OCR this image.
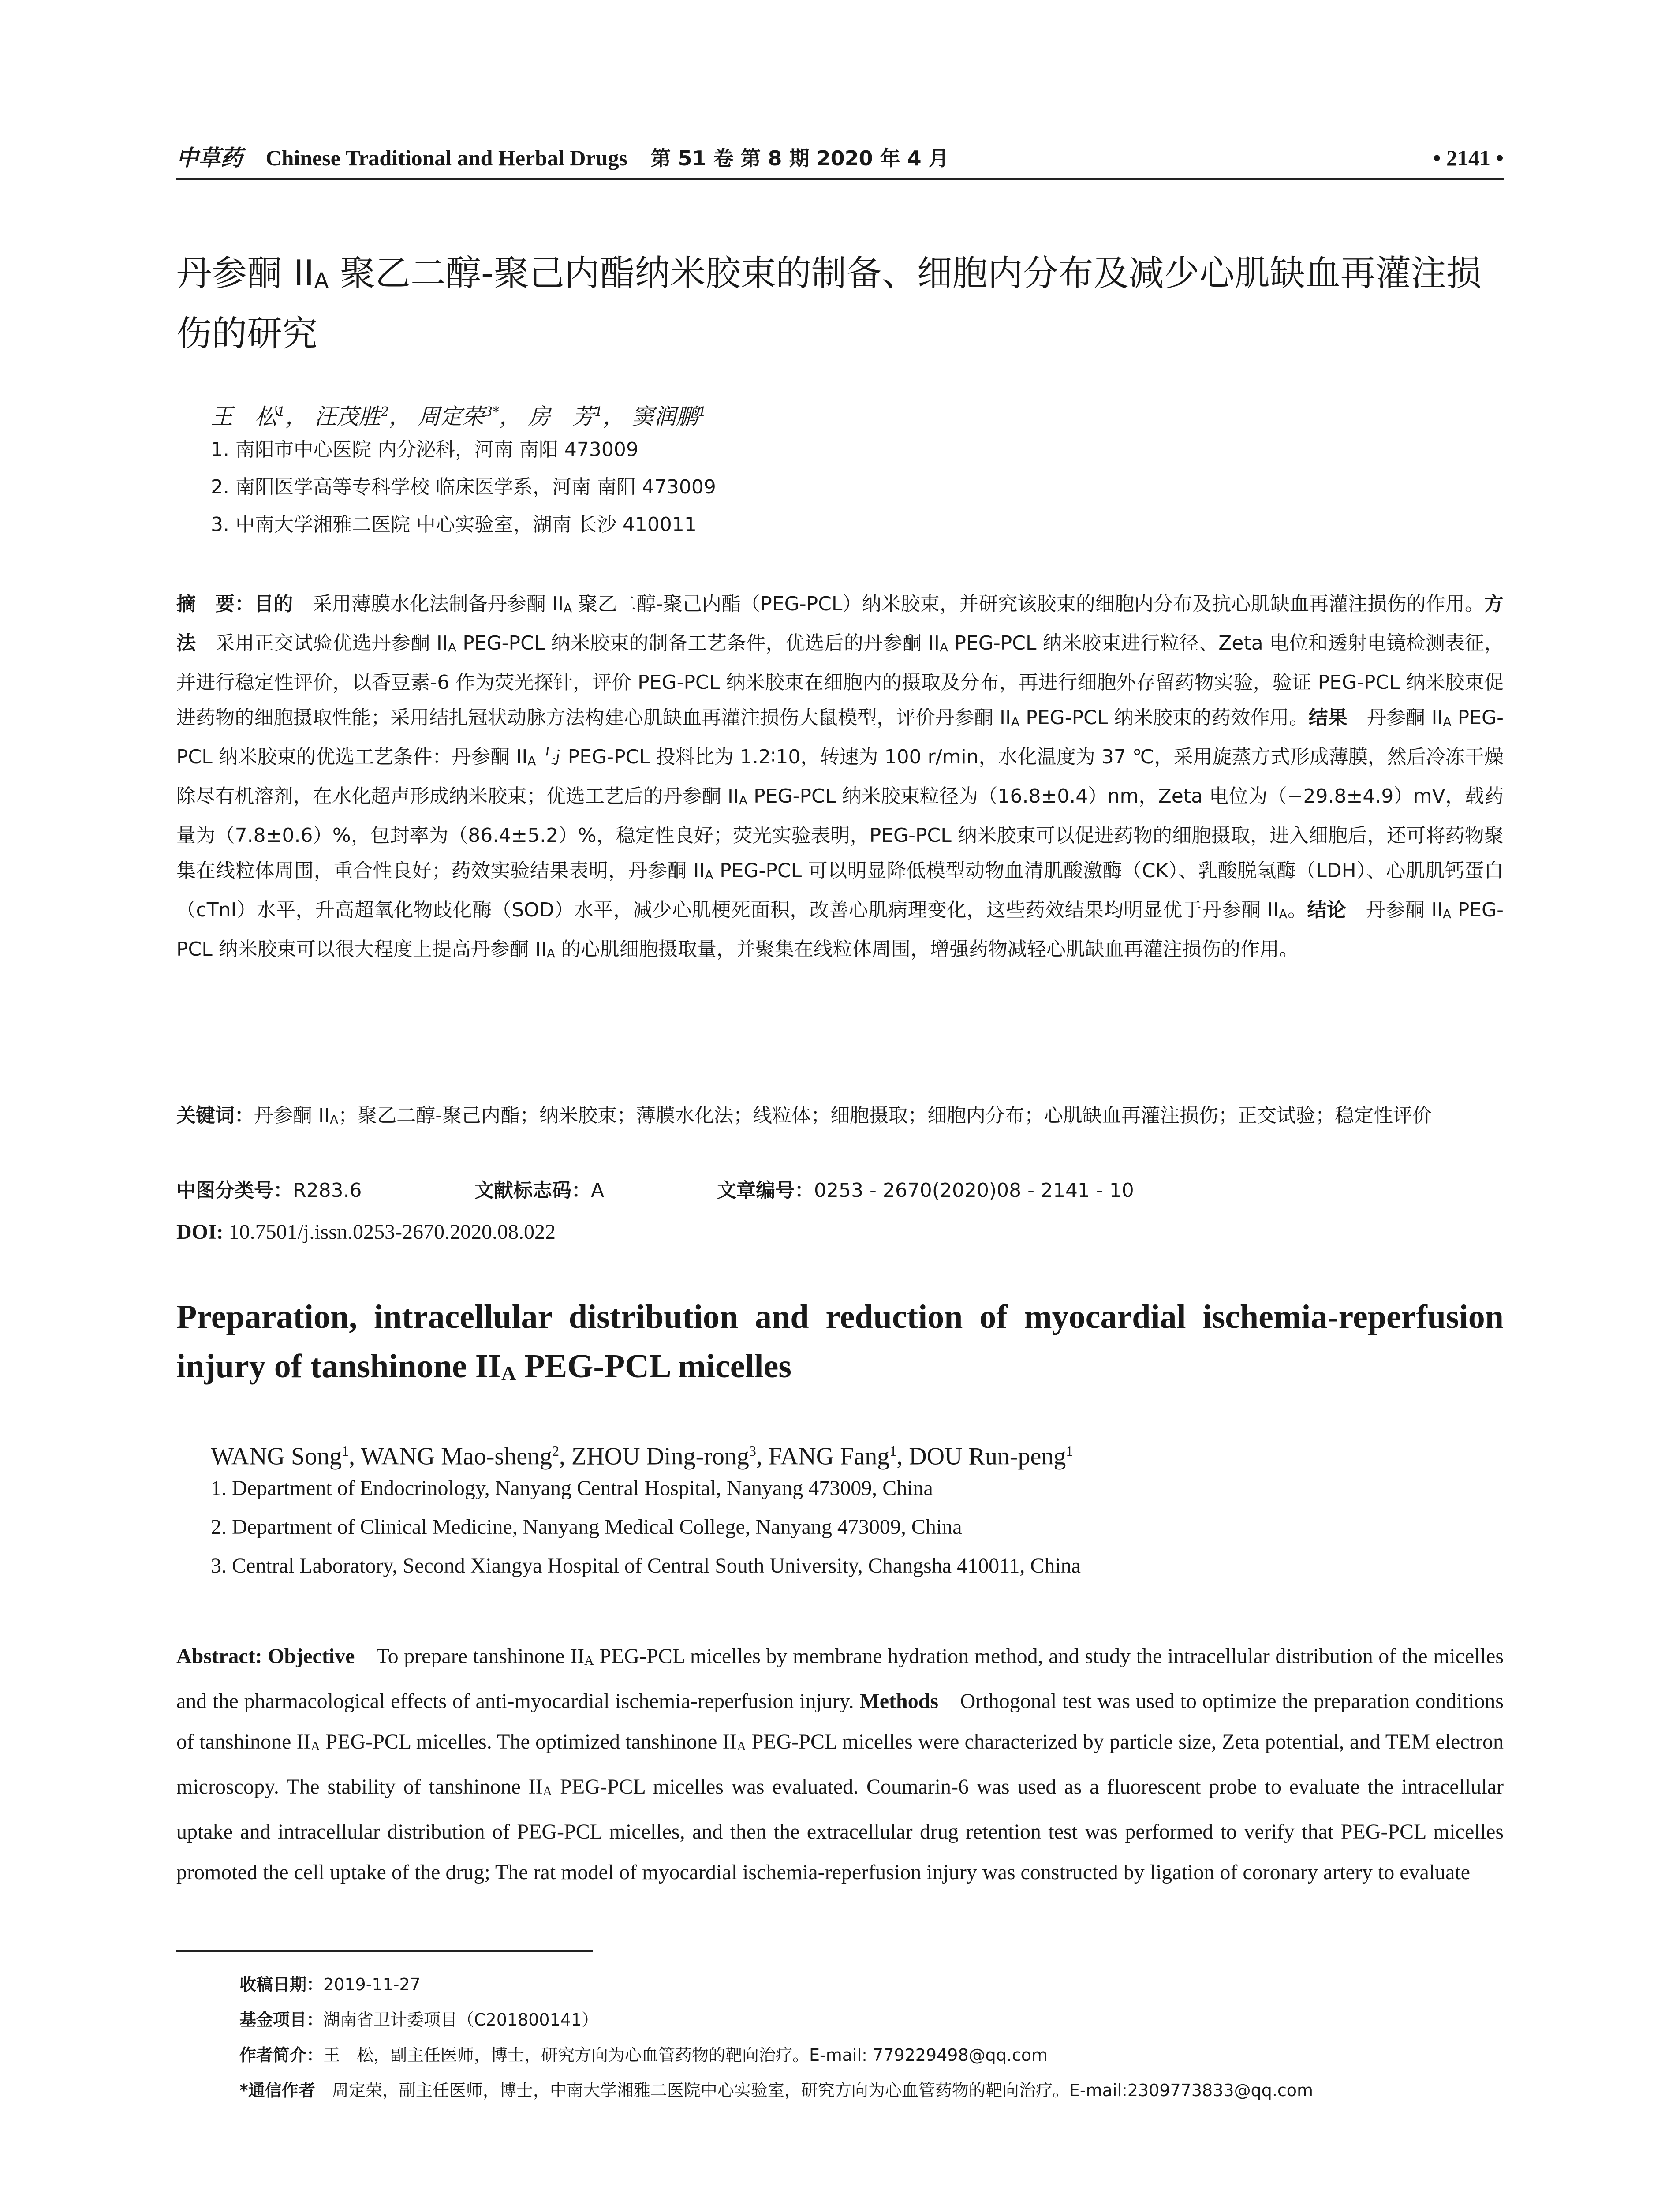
中草药 Chinese Traditional and Herbal Drugs 第 51 卷 第 8 期 2020 年 4 月	• 2141 •
丹参酮 $II_A$ 聚乙二醇-聚己内酯纳米胶束的制备、细胞内分布及减少心肌缺血再灌注损伤的研究
王　松$^1$， 汪茂胜$^2$， 周定荣$^{3*}$， 房　芳$^1$， 窦润鹏$^1$
1. 南阳市中心医院 内分泌科，河南 南阳 473009
2. 南阳医学高等专科学校 临床医学系，河南 南阳 473009
3. 中南大学湘雅二医院 中心实验室，湖南 长沙 410011
摘　要：目的　采用薄膜水化法制备丹参酮 $II_A$ 聚乙二醇-聚己内酯（PEG-PCL）纳米胶束，并研究该胶束的细胞内分布及抗心肌缺血再灌注损伤的作用。方法　采用正交试验优选丹参酮 $II_A$ PEG-PCL 纳米胶束的制备工艺条件，优选后的丹参酮 $II_A$ PEG-PCL 纳米胶束进行粒径、Zeta 电位和透射电镜检测表征，并进行稳定性评价，以香豆素-6 作为荧光探针，评价 PEG-PCL 纳米胶束在细胞内的摄取及分布，再进行细胞外存留药物实验，验证 PEG-PCL 纳米胶束促进药物的细胞摄取性能；采用结扎冠状动脉方法构建心肌缺血再灌注损伤大鼠模型，评价丹参酮 $II_A$ PEG-PCL 纳米胶束的药效作用。结果　丹参酮 $II_A$ PEG-PCL 纳米胶束的优选工艺条件：丹参酮 $II_A$ 与 PEG-PCL 投料比为 1.2∶10，转速为 100 r/min，水化温度为 37 ℃，采用旋蒸方式形成薄膜，然后冷冻干燥除尽有机溶剂，在水化超声形成纳米胶束；优选工艺后的丹参酮 $II_A$ PEG-PCL 纳米胶束粒径为（16.8±0.4）nm，Zeta 电位为（−29.8±4.9）mV，载药量为（7.8±0.6）%，包封率为（86.4±5.2）%，稳定性良好；荧光实验表明，PEG-PCL 纳米胶束可以促进药物的细胞摄取，进入细胞后，还可将药物聚集在线粒体周围，重合性良好；药效实验结果表明，丹参酮 $II_A$ PEG-PCL 可以明显降低模型动物血清肌酸激酶（CK）、乳酸脱氢酶（LDH）、心肌肌钙蛋白（cTnI）水平，升高超氧化物歧化酶（SOD）水平，减少心肌梗死面积，改善心肌病理变化，这些药效结果均明显优于丹参酮 $II_A$。结论　丹参酮 $II_A$ PEG-PCL 纳米胶束可以很大程度上提高丹参酮 $II_A$ 的心肌细胞摄取量，并聚集在线粒体周围，增强药物减轻心肌缺血再灌注损伤的作用。
关键词：丹参酮 $II_A$；聚乙二醇-聚己内酯；纳米胶束；薄膜水化法；线粒体；细胞摄取；细胞内分布；心肌缺血再灌注损伤；正交试验；稳定性评价
中图分类号：R283.6	文献标志码：A	文章编号：0253 - 2670(2020)08 - 2141 - 10
DOI: 10.7501/j.issn.0253-2670.2020.08.022
Preparation, intracellular distribution and reduction of myocardial ischemia-reperfusion injury of tanshinone $II_A$ PEG-PCL micelles
WANG Song$^1$, WANG Mao-sheng$^2$, ZHOU Ding-rong$^3$, FANG Fang$^1$, DOU Run-peng$^1$
1. Department of Endocrinology, Nanyang Central Hospital, Nanyang 473009, China
2. Department of Clinical Medicine, Nanyang Medical College, Nanyang 473009, China
3. Central Laboratory, Second Xiangya Hospital of Central South University, Changsha 410011, China
Abstract: Objective　To prepare tanshinone $II_A$ PEG-PCL micelles by membrane hydration method, and study the intracellular distribution of the micelles and the pharmacological effects of anti-myocardial ischemia-reperfusion injury. Methods　Orthogonal test was used to optimize the preparation conditions of tanshinone $II_A$ PEG-PCL micelles. The optimized tanshinone $II_A$ PEG-PCL micelles were characterized by particle size, Zeta potential, and TEM electron microscopy. The stability of tanshinone $II_A$ PEG-PCL micelles was evaluated. Coumarin-6 was used as a fluorescent probe to evaluate the intracellular uptake and intracellular distribution of PEG-PCL micelles, and then the extracellular drug retention test was performed to verify that PEG-PCL micelles promoted the cell uptake of the drug; The rat model of myocardial ischemia-reperfusion injury was constructed by ligation of coronary artery to evaluate
收稿日期：2019-11-27
基金项目：湖南省卫计委项目（C201800141）
作者简介：王　松，副主任医师，博士，研究方向为心血管药物的靶向治疗。E-mail: 779229498@qq.com
*通信作者　周定荣，副主任医师，博士，中南大学湘雅二医院中心实验室，研究方向为心血管药物的靶向治疗。E-mail:2309773833@qq.com
